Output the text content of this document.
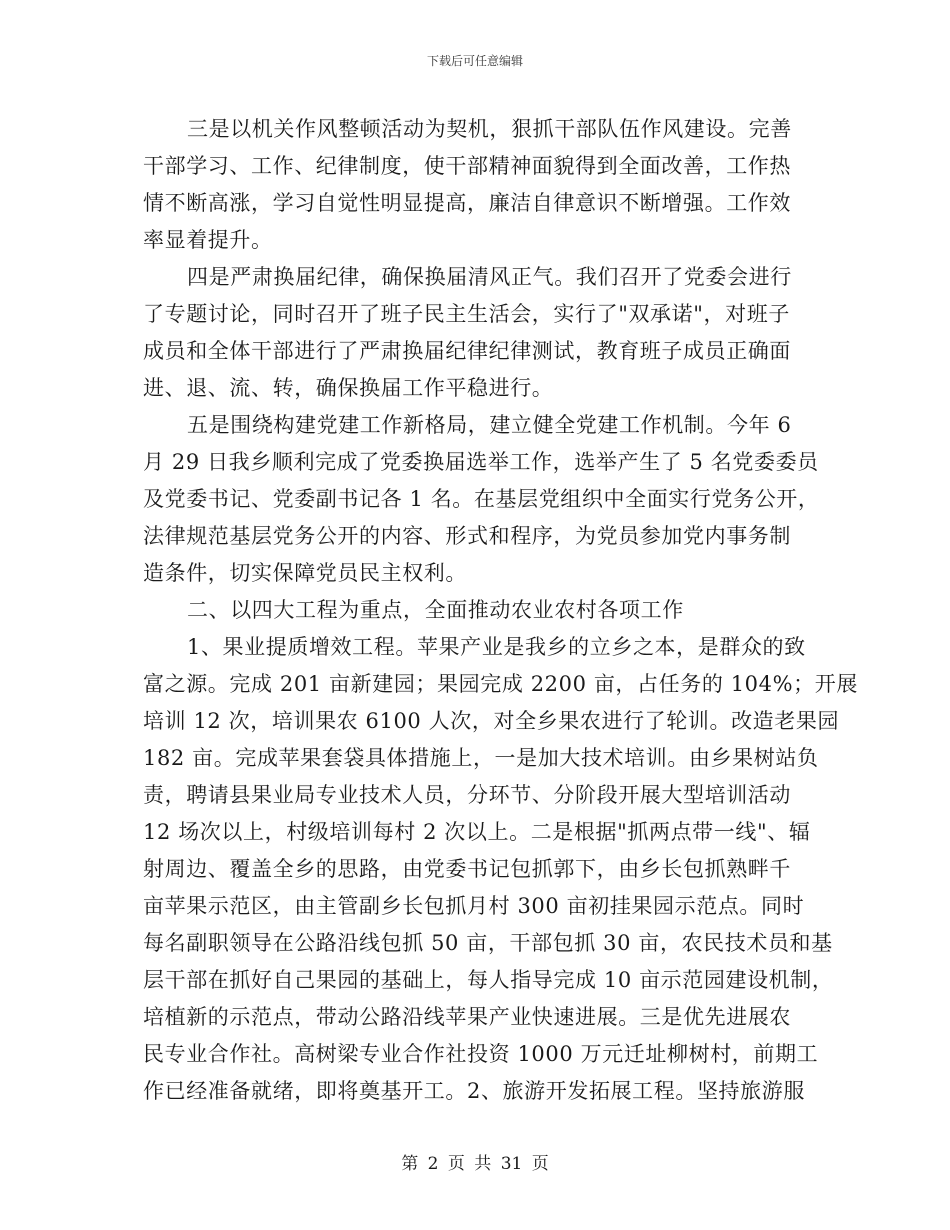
下载后可任意编辑
三是以机关作风整顿活动为契机，狠抓干部队伍作风建设。完善
干部学习、工作、纪律制度，使干部精神面貌得到全面改善，工作热
情不断高涨，学习自觉性明显提高，廉洁自律意识不断增强。工作效
率显着提升。
四是严肃换届纪律，确保换届清风正气。我们召开了党委会进行
了专题讨论，同时召开了班子民主生活会，实行了"双承诺"，对班子
成员和全体干部进行了严肃换届纪律纪律测试，教育班子成员正确面
进、退、流、转，确保换届工作平稳进行。
五是围绕构建党建工作新格局，建立健全党建工作机制。今年 6
月 29 日我乡顺利完成了党委换届选举工作，选举产生了 5 名党委委员
及党委书记、党委副书记各 1 名。在基层党组织中全面实行党务公开，
法律规范基层党务公开的内容、形式和程序，为党员参加党内事务制
造条件，切实保障党员民主权利。
二、以四大工程为重点，全面推动农业农村各项工作
1、果业提质增效工程。苹果产业是我乡的立乡之本，是群众的致
富之源。完成 201 亩新建园；果园完成 2200 亩，占任务的 104%；开展
培训 12 次，培训果农 6100 人次，对全乡果农进行了轮训。改造老果园
182 亩。完成苹果套袋具体措施上，一是加大技术培训。由乡果树站负
责，聘请县果业局专业技术人员，分环节、分阶段开展大型培训活动
12 场次以上，村级培训每村 2 次以上。二是根据"抓两点带一线"、辐
射周边、覆盖全乡的思路，由党委书记包抓郭下，由乡长包抓熟畔千
亩苹果示范区，由主管副乡长包抓月村 300 亩初挂果园示范点。同时
每名副职领导在公路沿线包抓 50 亩，干部包抓 30 亩，农民技术员和基
层干部在抓好自己果园的基础上，每人指导完成 10 亩示范园建设机制，
培植新的示范点，带动公路沿线苹果产业快速进展。三是优先进展农
民专业合作社。高树梁专业合作社投资 1000 万元迁址柳树村，前期工
作已经准备就绪，即将奠基开工。2、旅游开发拓展工程。坚持旅游服
第 2 页 共 31 页
